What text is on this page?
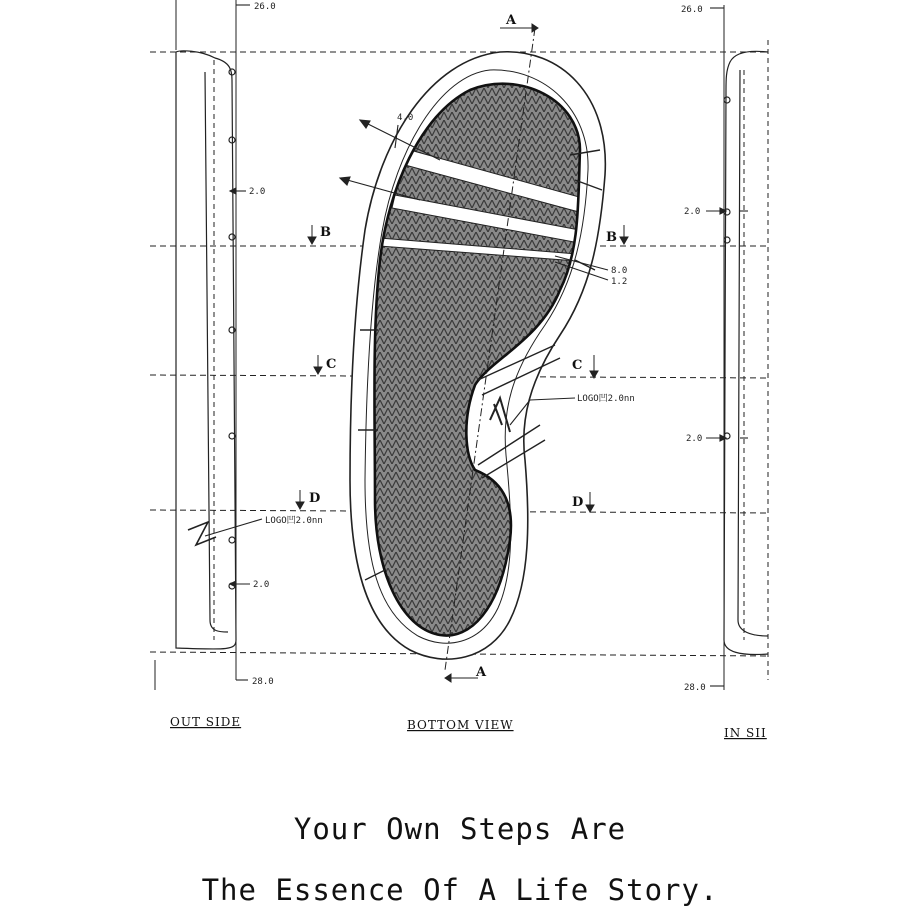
26.0	26.0
28.0
28.0
2.0
2.0
2.0
2.0
4.0
8.0
1.2
A
A
B	B
C	C
D	D
LOGO凹2.0nn
LOGO凹2.0nn
OUT SIDE	BOTTOM VIEW
IN SII
Your Own Steps Are
The Essence Of A Life Story.
